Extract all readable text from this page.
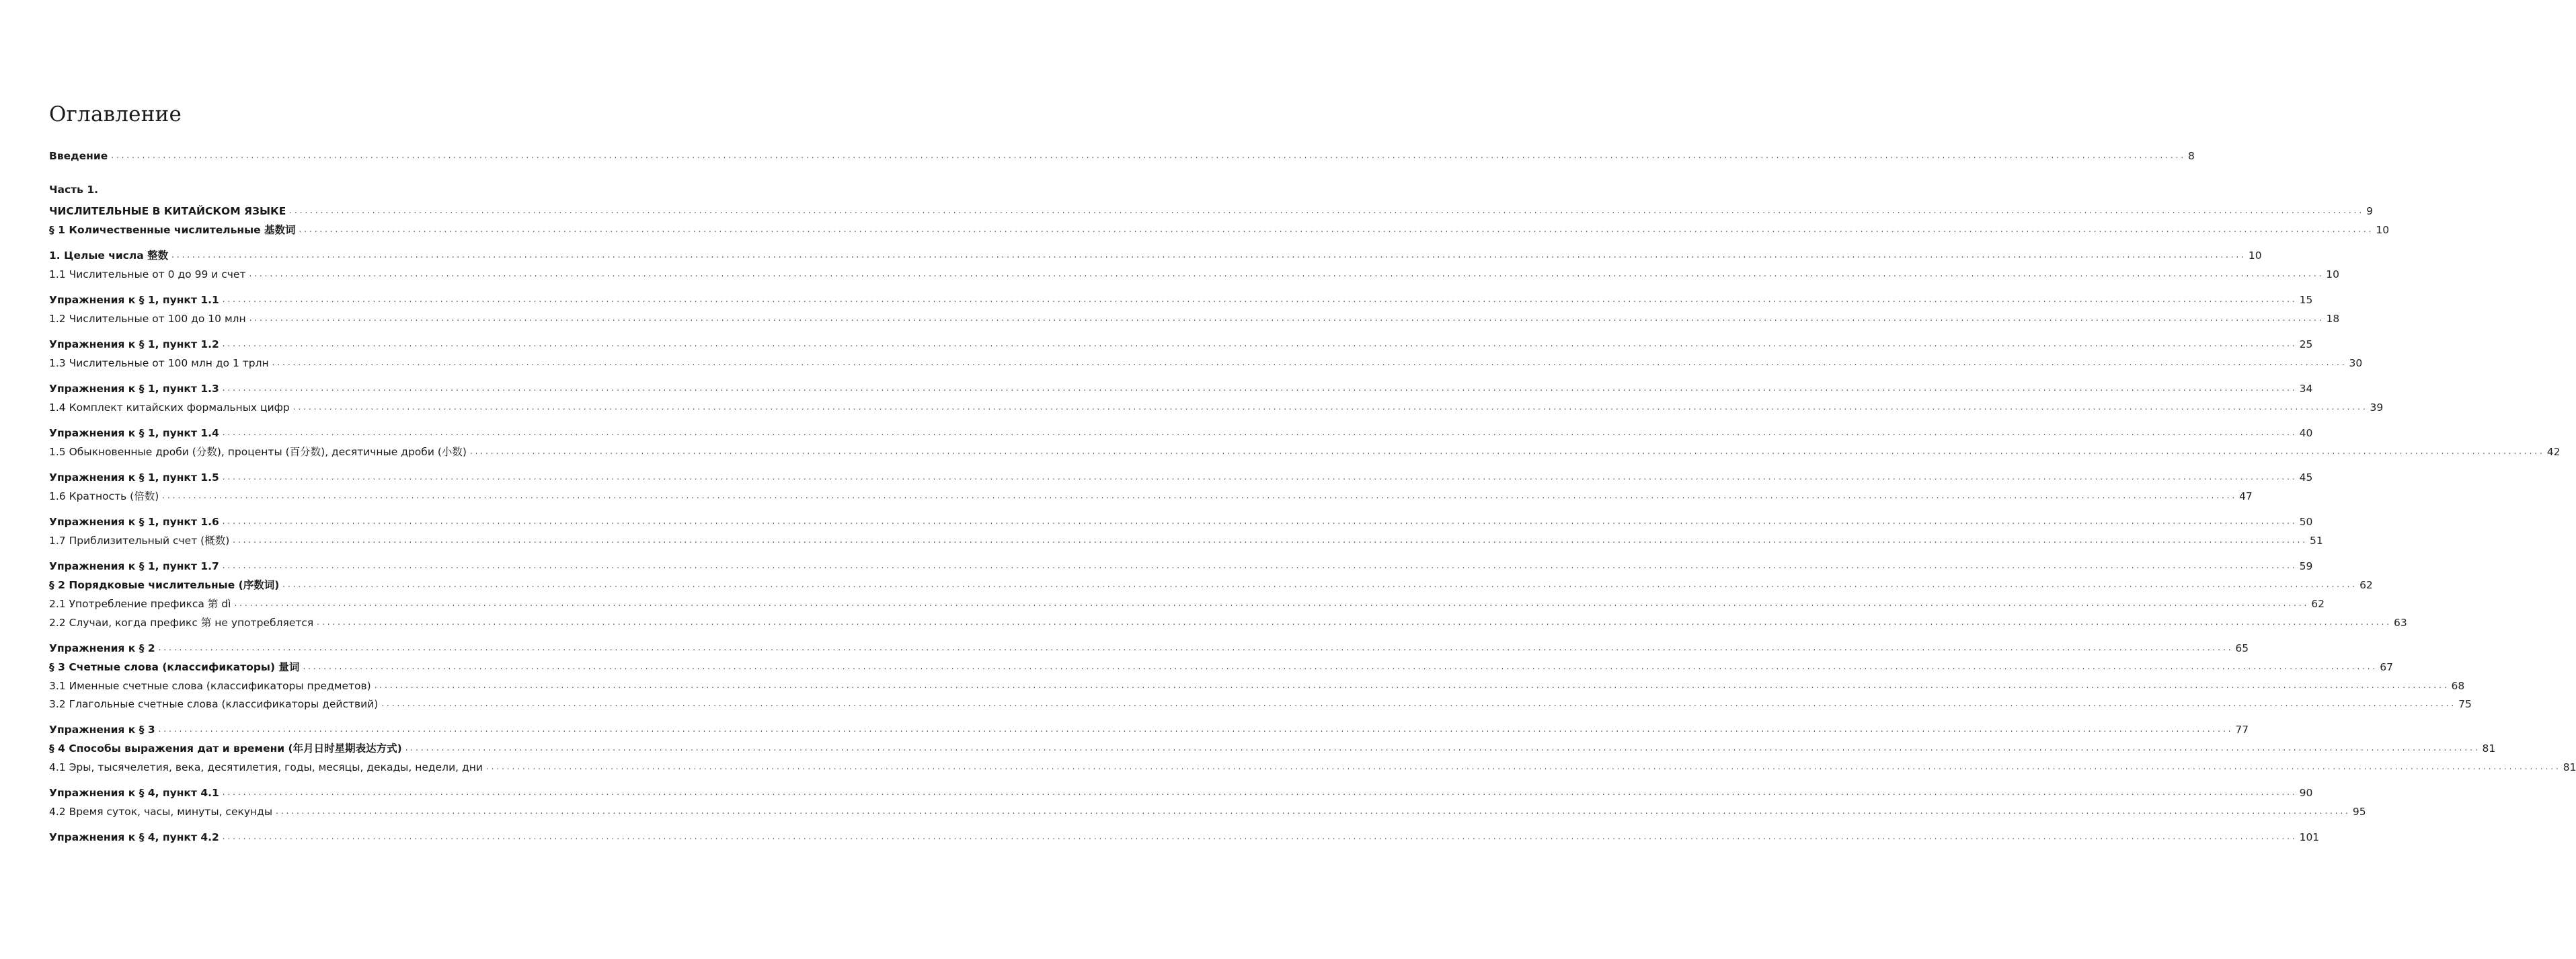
Оглавление
Часть 1.
Введение ................................................................................................................................................................................................................................................................................................................................................................................................................ 8
ЧИСЛИТЕЛЬНЫЕ В КИТАЙСКОМ ЯЗЫКЕ ................................................................................................................................................................................................................................................................................................................................................................................................................ 9
§ 1 Количественные числительные 基数词 ................................................................................................................................................................................................................................................................................................................................................................................................................ 10
1. Целые числа 整数 ................................................................................................................................................................................................................................................................................................................................................................................................................ 10
1.1 Числительные от 0 до 99 и счет ................................................................................................................................................................................................................................................................................................................................................................................................................ 10
Упражнения к § 1, пункт 1.1 ................................................................................................................................................................................................................................................................................................................................................................................................................ 15
1.2 Числительные от 100 до 10 млн ................................................................................................................................................................................................................................................................................................................................................................................................................ 18
Упражнения к § 1, пункт 1.2 ................................................................................................................................................................................................................................................................................................................................................................................................................ 25
1.3 Числительные от 100 млн до 1 трлн ................................................................................................................................................................................................................................................................................................................................................................................................................ 30
Упражнения к § 1, пункт 1.3 ................................................................................................................................................................................................................................................................................................................................................................................................................ 34
1.4 Комплект китайских формальных цифр ................................................................................................................................................................................................................................................................................................................................................................................................................ 39
Упражнения к § 1, пункт 1.4 ................................................................................................................................................................................................................................................................................................................................................................................................................ 40
1.5 Обыкновенные дроби (分数), проценты (百分数), десятичные дроби (小数) ................................................................................................................................................................................................................................................................................................................................................................................................................ 42
Упражнения к § 1, пункт 1.5 ................................................................................................................................................................................................................................................................................................................................................................................................................ 45
1.6 Кратность (倍数) ................................................................................................................................................................................................................................................................................................................................................................................................................ 47
Упражнения к § 1, пункт 1.6 ................................................................................................................................................................................................................................................................................................................................................................................................................ 50
1.7 Приблизительный счет (概数) ................................................................................................................................................................................................................................................................................................................................................................................................................ 51
Упражнения к § 1, пункт 1.7 ................................................................................................................................................................................................................................................................................................................................................................................................................ 59
§ 2 Порядковые числительные (序数词) ................................................................................................................................................................................................................................................................................................................................................................................................................ 62
2.1 Употребление префикса 第 dì ................................................................................................................................................................................................................................................................................................................................................................................................................ 62
2.2 Случаи, когда префикс 第 не употребляется ................................................................................................................................................................................................................................................................................................................................................................................................................ 63
Упражнения к § 2 ................................................................................................................................................................................................................................................................................................................................................................................................................ 65
§ 3 Счетные слова (классификаторы) 量词 ................................................................................................................................................................................................................................................................................................................................................................................................................ 67
3.1 Именные счетные слова (классификаторы предметов) ................................................................................................................................................................................................................................................................................................................................................................................................................ 68
3.2 Глагольные счетные слова (классификаторы действий) ................................................................................................................................................................................................................................................................................................................................................................................................................ 75
Упражнения к § 3 ................................................................................................................................................................................................................................................................................................................................................................................................................ 77
§ 4 Способы выражения дат и времени (年月日时星期表达方式) ................................................................................................................................................................................................................................................................................................................................................................................................................ 81
4.1 Эры, тысячелетия, века, десятилетия, годы, месяцы, декады, недели, дни ................................................................................................................................................................................................................................................................................................................................................................................................................ 81
Упражнения к § 4, пункт 4.1 ................................................................................................................................................................................................................................................................................................................................................................................................................ 90
4.2 Время суток, часы, минуты, секунды ................................................................................................................................................................................................................................................................................................................................................................................................................ 95
Упражнения к § 4, пункт 4.2 ................................................................................................................................................................................................................................................................................................................................................................................................................ 101
